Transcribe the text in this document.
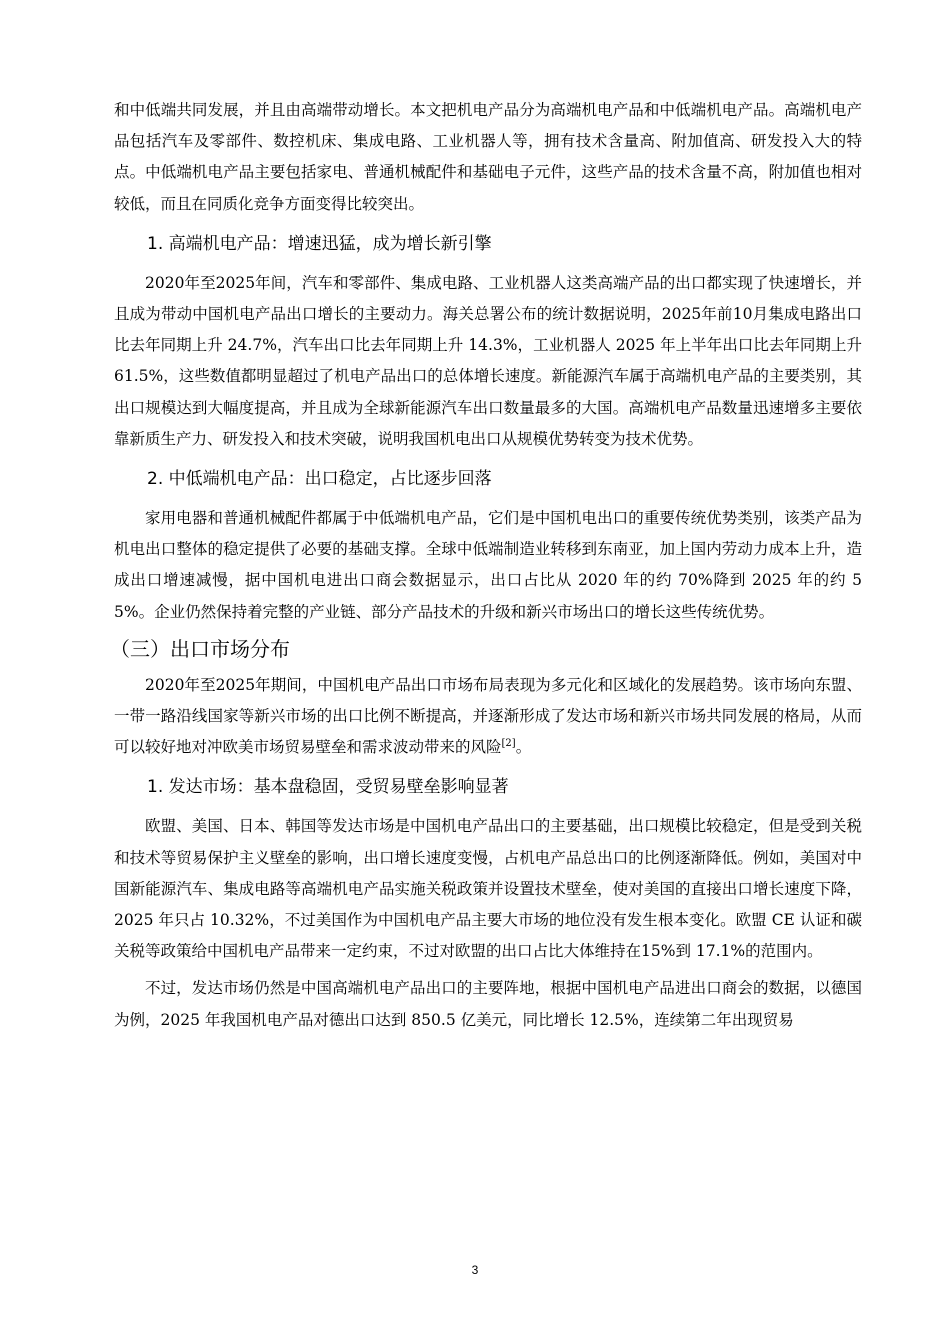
和中低端共同发展，并且由高端带动增长。本文把机电产品分为高端机电产品和中低端机电产品。高端机电产品包括汽车及零部件、数控机床、集成电路、工业机器人等，拥有技术含量高、附加值高、研发投入大的特点。中低端机电产品主要包括家电、普通机械配件和基础电子元件，这些产品的技术含量不高，附加值也相对较低，而且在同质化竞争方面变得比较突出。

1. 高端机电产品：增速迅猛，成为增长新引擎

2020年至2025年间，汽车和零部件、集成电路、工业机器人这类高端产品的出口都实现了快速增长，并且成为带动中国机电产品出口增长的主要动力。海关总署公布的统计数据说明，2025年前10月集成电路出口比去年同期上升 24.7%，汽车出口比去年同期上升 14.3%，工业机器人 2025 年上半年出口比去年同期上升 61.5%，这些数值都明显超过了机电产品出口的总体增长速度。新能源汽车属于高端机电产品的主要类别，其出口规模达到大幅度提高，并且成为全球新能源汽车出口数量最多的大国。高端机电产品数量迅速增多主要依靠新质生产力、研发投入和技术突破，说明我国机电出口从规模优势转变为技术优势。

2. 中低端机电产品：出口稳定，占比逐步回落

家用电器和普通机械配件都属于中低端机电产品，它们是中国机电出口的重要传统优势类别，该类产品为机电出口整体的稳定提供了必要的基础支撑。全球中低端制造业转移到东南亚，加上国内劳动力成本上升，造成出口增速减慢，据中国机电进出口商会数据显示，出口占比从 2020 年的约 70%降到 2025 年的约 55%。企业仍然保持着完整的产业链、部分产品技术的升级和新兴市场出口的增长这些传统优势。

（三）出口市场分布

2020年至2025年期间，中国机电产品出口市场布局表现为多元化和区域化的发展趋势。该市场向东盟、一带一路沿线国家等新兴市场的出口比例不断提高，并逐渐形成了发达市场和新兴市场共同发展的格局，从而可以较好地对冲欧美市场贸易壁垒和需求波动带来的风险[2]。

1. 发达市场：基本盘稳固，受贸易壁垒影响显著

欧盟、美国、日本、韩国等发达市场是中国机电产品出口的主要基础，出口规模比较稳定，但是受到关税和技术等贸易保护主义壁垒的影响，出口增长速度变慢，占机电产品总出口的比例逐渐降低。例如，美国对中国新能源汽车、集成电路等高端机电产品实施关税政策并设置技术壁垒，使对美国的直接出口增长速度下降，2025 年只占 10.32%，不过美国作为中国机电产品主要大市场的地位没有发生根本变化。欧盟 CE 认证和碳关税等政策给中国机电产品带来一定约束，不过对欧盟的出口占比大体维持在15%到 17.1%的范围内。

不过，发达市场仍然是中国高端机电产品出口的主要阵地，根据中国机电产品进出口商会的数据，以德国为例，2025 年我国机电产品对德出口达到 850.5 亿美元，同比增长 12.5%，连续第二年出现贸易

3
